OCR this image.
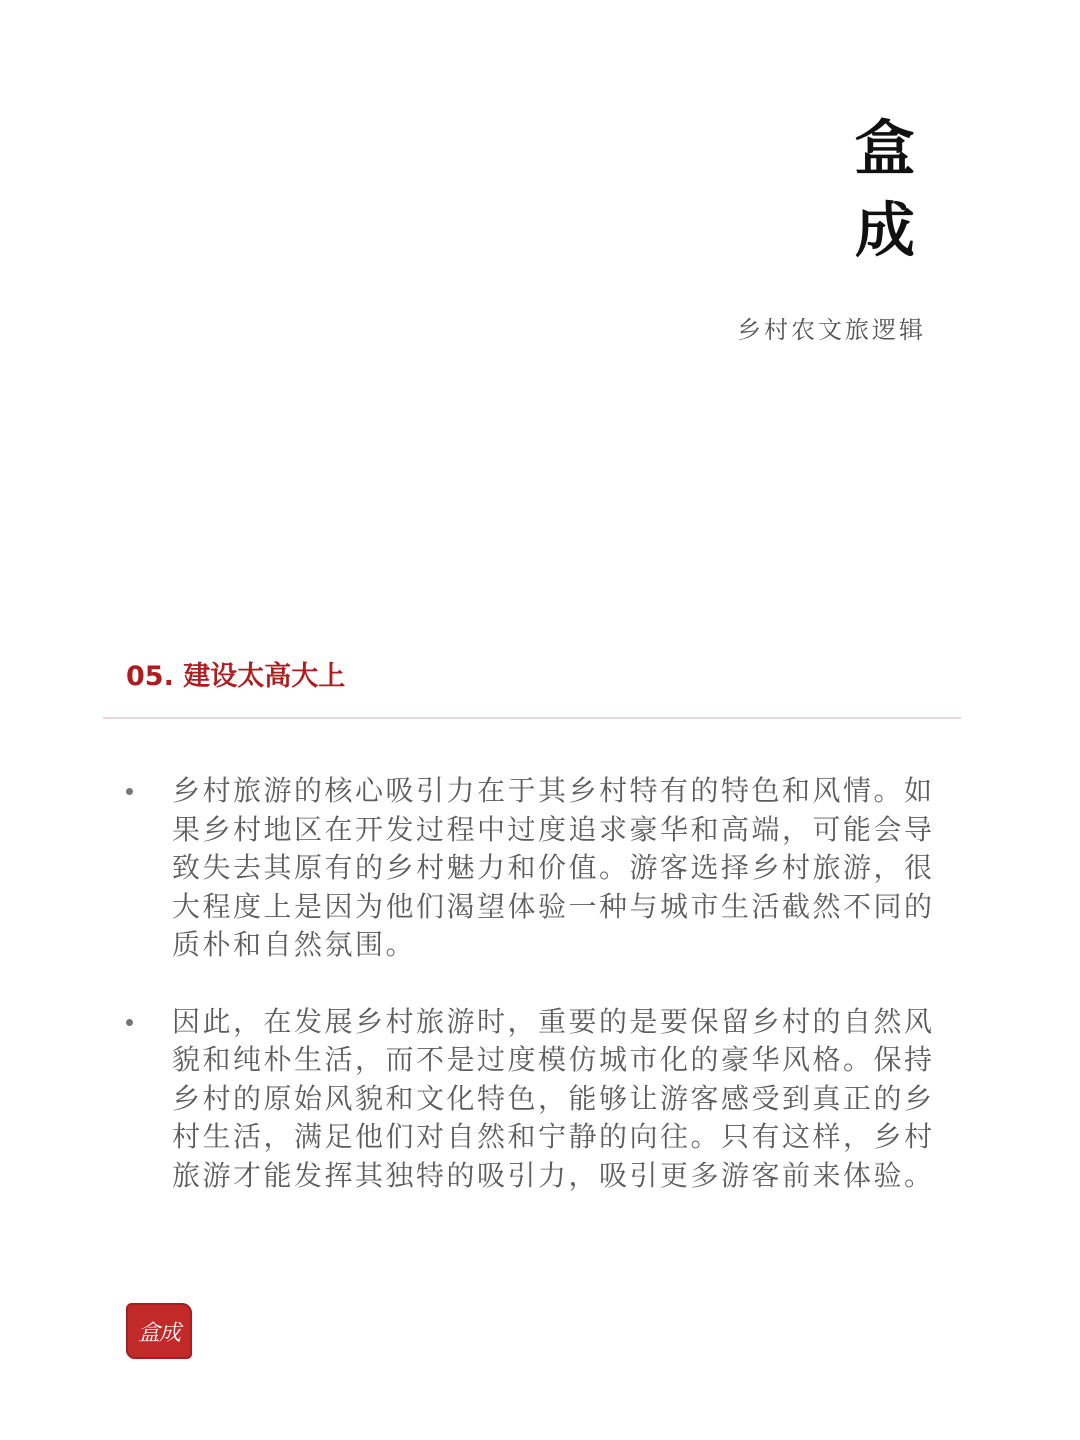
盒
成
乡村农文旅逻辑
05. 建设太高大上
乡村旅游的核心吸引力在于其乡村特有的特色和风情。如果乡村地区在开发过程中过度追求豪华和高端，可能会导致失去其原有的乡村魅力和价值。游客选择乡村旅游，很大程度上是因为他们渴望体验一种与城市生活截然不同的质朴和自然氛围。
因此，在发展乡村旅游时，重要的是要保留乡村的自然风貌和纯朴生活，而不是过度模仿城市化的豪华风格。保持乡村的原始风貌和文化特色，能够让游客感受到真正的乡村生活，满足他们对自然和宁静的向往。只有这样，乡村旅游才能发挥其独特的吸引力，吸引更多游客前来体验。
盒成
